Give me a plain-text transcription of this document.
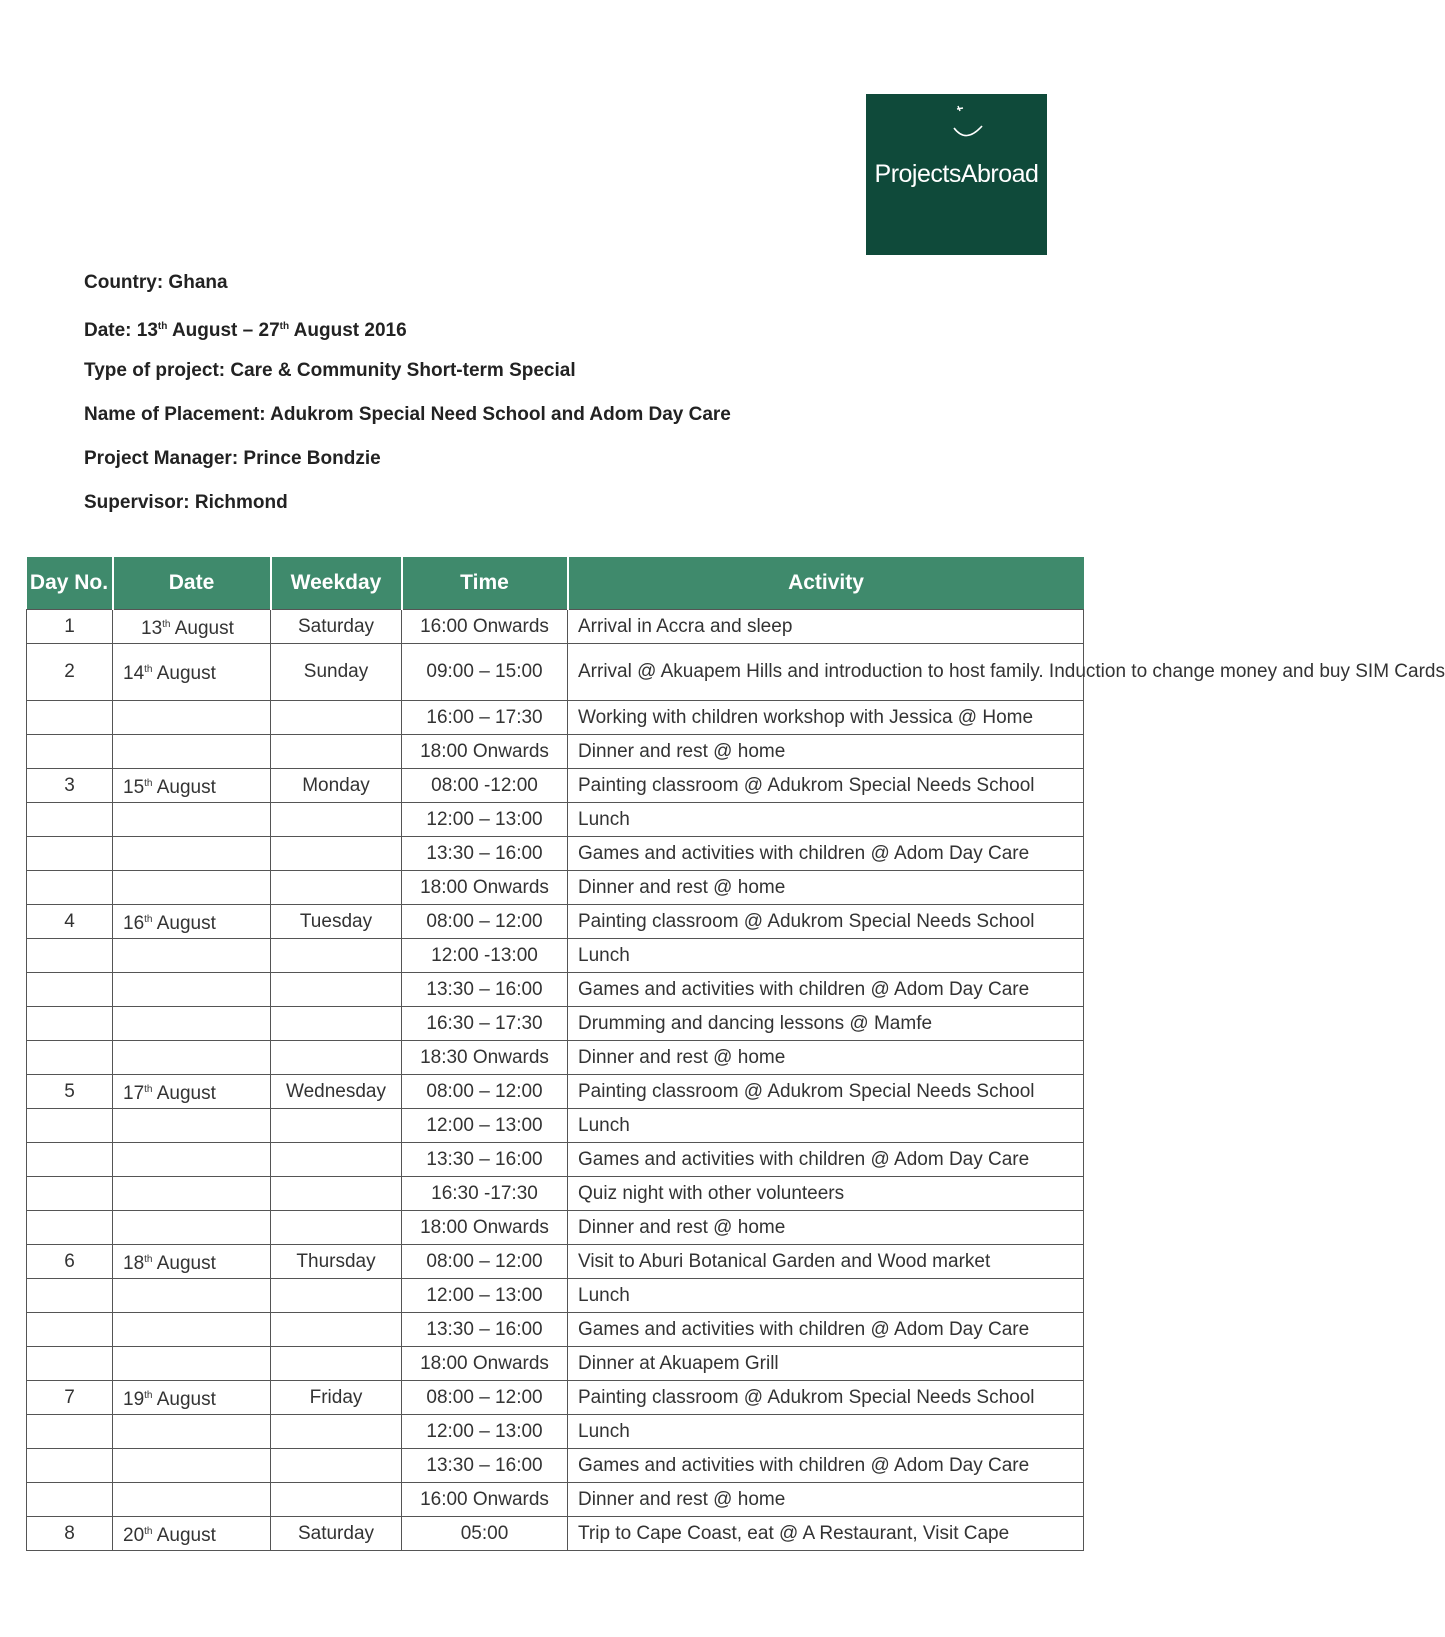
ProjectsAbroad
Country: Ghana
Date: 13th August – 27th August 2016
Type of project: Care & Community Short-term Special
Name of Placement: Adukrom Special Need School and Adom Day Care
Project Manager: Prince Bondzie
Supervisor: Richmond
Day No.	Date	Weekday	Time	Activity
1	13th August	Saturday	16:00 Onwards	Arrival in Accra and sleep
2	14th August	Sunday	09:00 – 15:00	Arrival @ Akuapem Hills and introduction to host family. Induction to change money and buy SIM Cards
			16:00 – 17:30	Working with children workshop with Jessica @ Home
			18:00 Onwards	Dinner and rest @ home
3	15th August	Monday	08:00 -12:00	Painting classroom @ Adukrom Special Needs School
			12:00 – 13:00	Lunch
			13:30 – 16:00	Games and activities with children @ Adom Day Care
			18:00 Onwards	Dinner and rest @ home
4	16th August	Tuesday	08:00 – 12:00	Painting classroom @ Adukrom Special Needs School
			12:00 -13:00	Lunch
			13:30 – 16:00	Games and activities with children @ Adom Day Care
			16:30 – 17:30	Drumming and dancing lessons @ Mamfe
			18:30 Onwards	Dinner and rest @ home
5	17th August	Wednesday	08:00 – 12:00	Painting classroom @ Adukrom Special Needs School
			12:00 – 13:00	Lunch
			13:30 – 16:00	Games and activities with children @ Adom Day Care
			16:30 -17:30	Quiz night with other volunteers
			18:00 Onwards	Dinner and rest @ home
6	18th August	Thursday	08:00 – 12:00	Visit to Aburi Botanical Garden and Wood market
			12:00 – 13:00	Lunch
			13:30 – 16:00	Games and activities with children @ Adom Day Care
			18:00 Onwards	Dinner at Akuapem Grill
7	19th August	Friday	08:00 – 12:00	Painting classroom @ Adukrom Special Needs School
			12:00 – 13:00	Lunch
			13:30 – 16:00	Games and activities with children @ Adom Day Care
			16:00 Onwards	Dinner and rest @ home
8	20th August	Saturday	05:00	Trip to Cape Coast, eat @ A Restaurant, Visit Cape
